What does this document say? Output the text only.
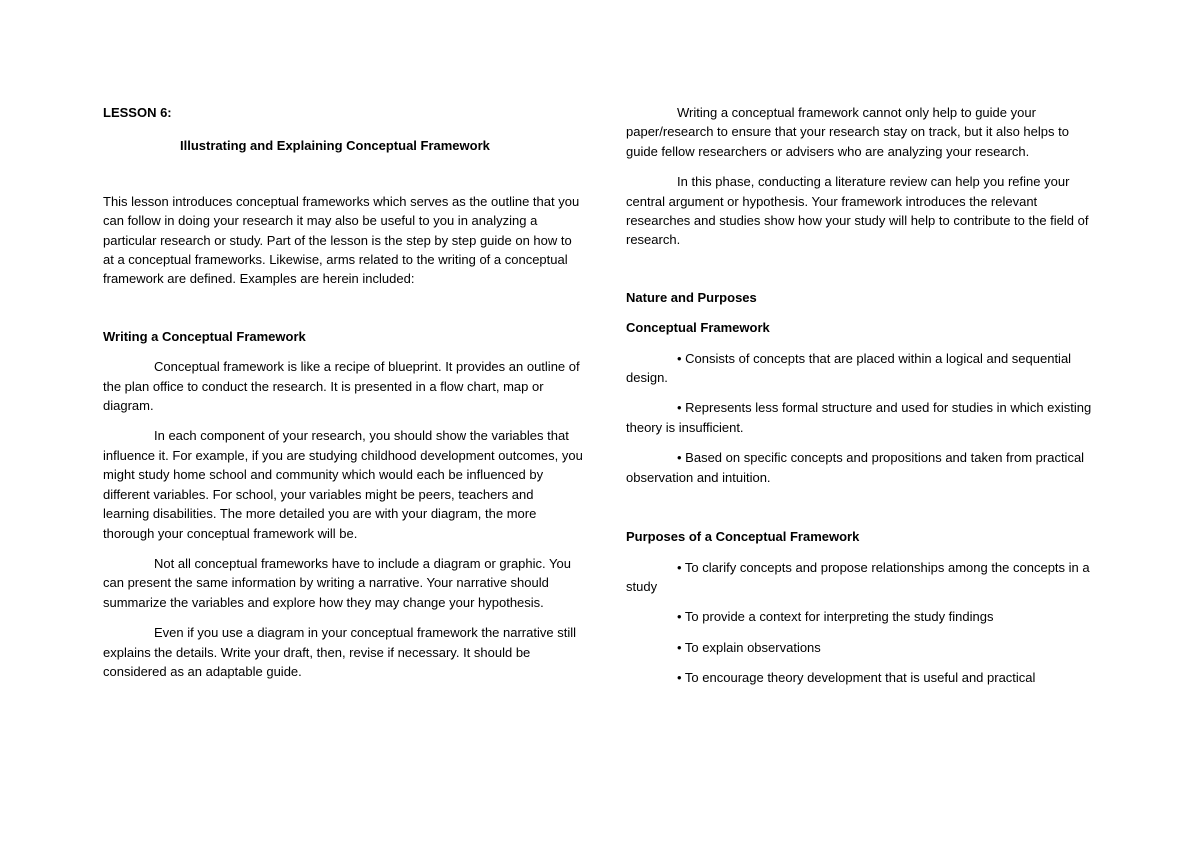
LESSON 6:

Illustrating and Explaining Conceptual Framework

This lesson introduces conceptual frameworks which serves as the outline that you can follow in doing your research it may also be useful to you in analyzing a particular research or study. Part of the lesson is the step by step guide on how to at a conceptual frameworks. Likewise, arms related to the writing of a conceptual framework are defined. Examples are herein included:

Writing a Conceptual Framework

Conceptual framework is like a recipe of blueprint. It provides an outline of the plan office to conduct the research. It is presented in a flow chart, map or diagram.

In each component of your research, you should show the variables that influence it. For example, if you are studying childhood development outcomes, you might study home school and community which would each be influenced by different variables. For school, your variables might be peers, teachers and learning disabilities. The more detailed you are with your diagram, the more thorough your conceptual framework will be.

Not all conceptual frameworks have to include a diagram or graphic. You can present the same information by writing a narrative. Your narrative should summarize the variables and explore how they may change your hypothesis.

Even if you use a diagram in your conceptual framework the narrative still explains the details. Write your draft, then, revise if necessary. It should be considered as an adaptable guide.

Writing a conceptual framework cannot only help to guide your paper/research to ensure that your research stay on track, but it also helps to guide fellow researchers or advisers who are analyzing your research.

In this phase, conducting a literature review can help you refine your central argument or hypothesis. Your framework introduces the relevant researches and studies show how your study will help to contribute to the field of research.

Nature and Purposes

Conceptual Framework

• Consists of concepts that are placed within a logical and sequential design.

• Represents less formal structure and used for studies in which existing theory is insufficient.

• Based on specific concepts and propositions and taken from practical observation and intuition.

Purposes of a Conceptual Framework

• To clarify concepts and propose relationships among the concepts in a study

• To provide a context for interpreting the study findings

• To explain observations

• To encourage theory development that is useful and practical
